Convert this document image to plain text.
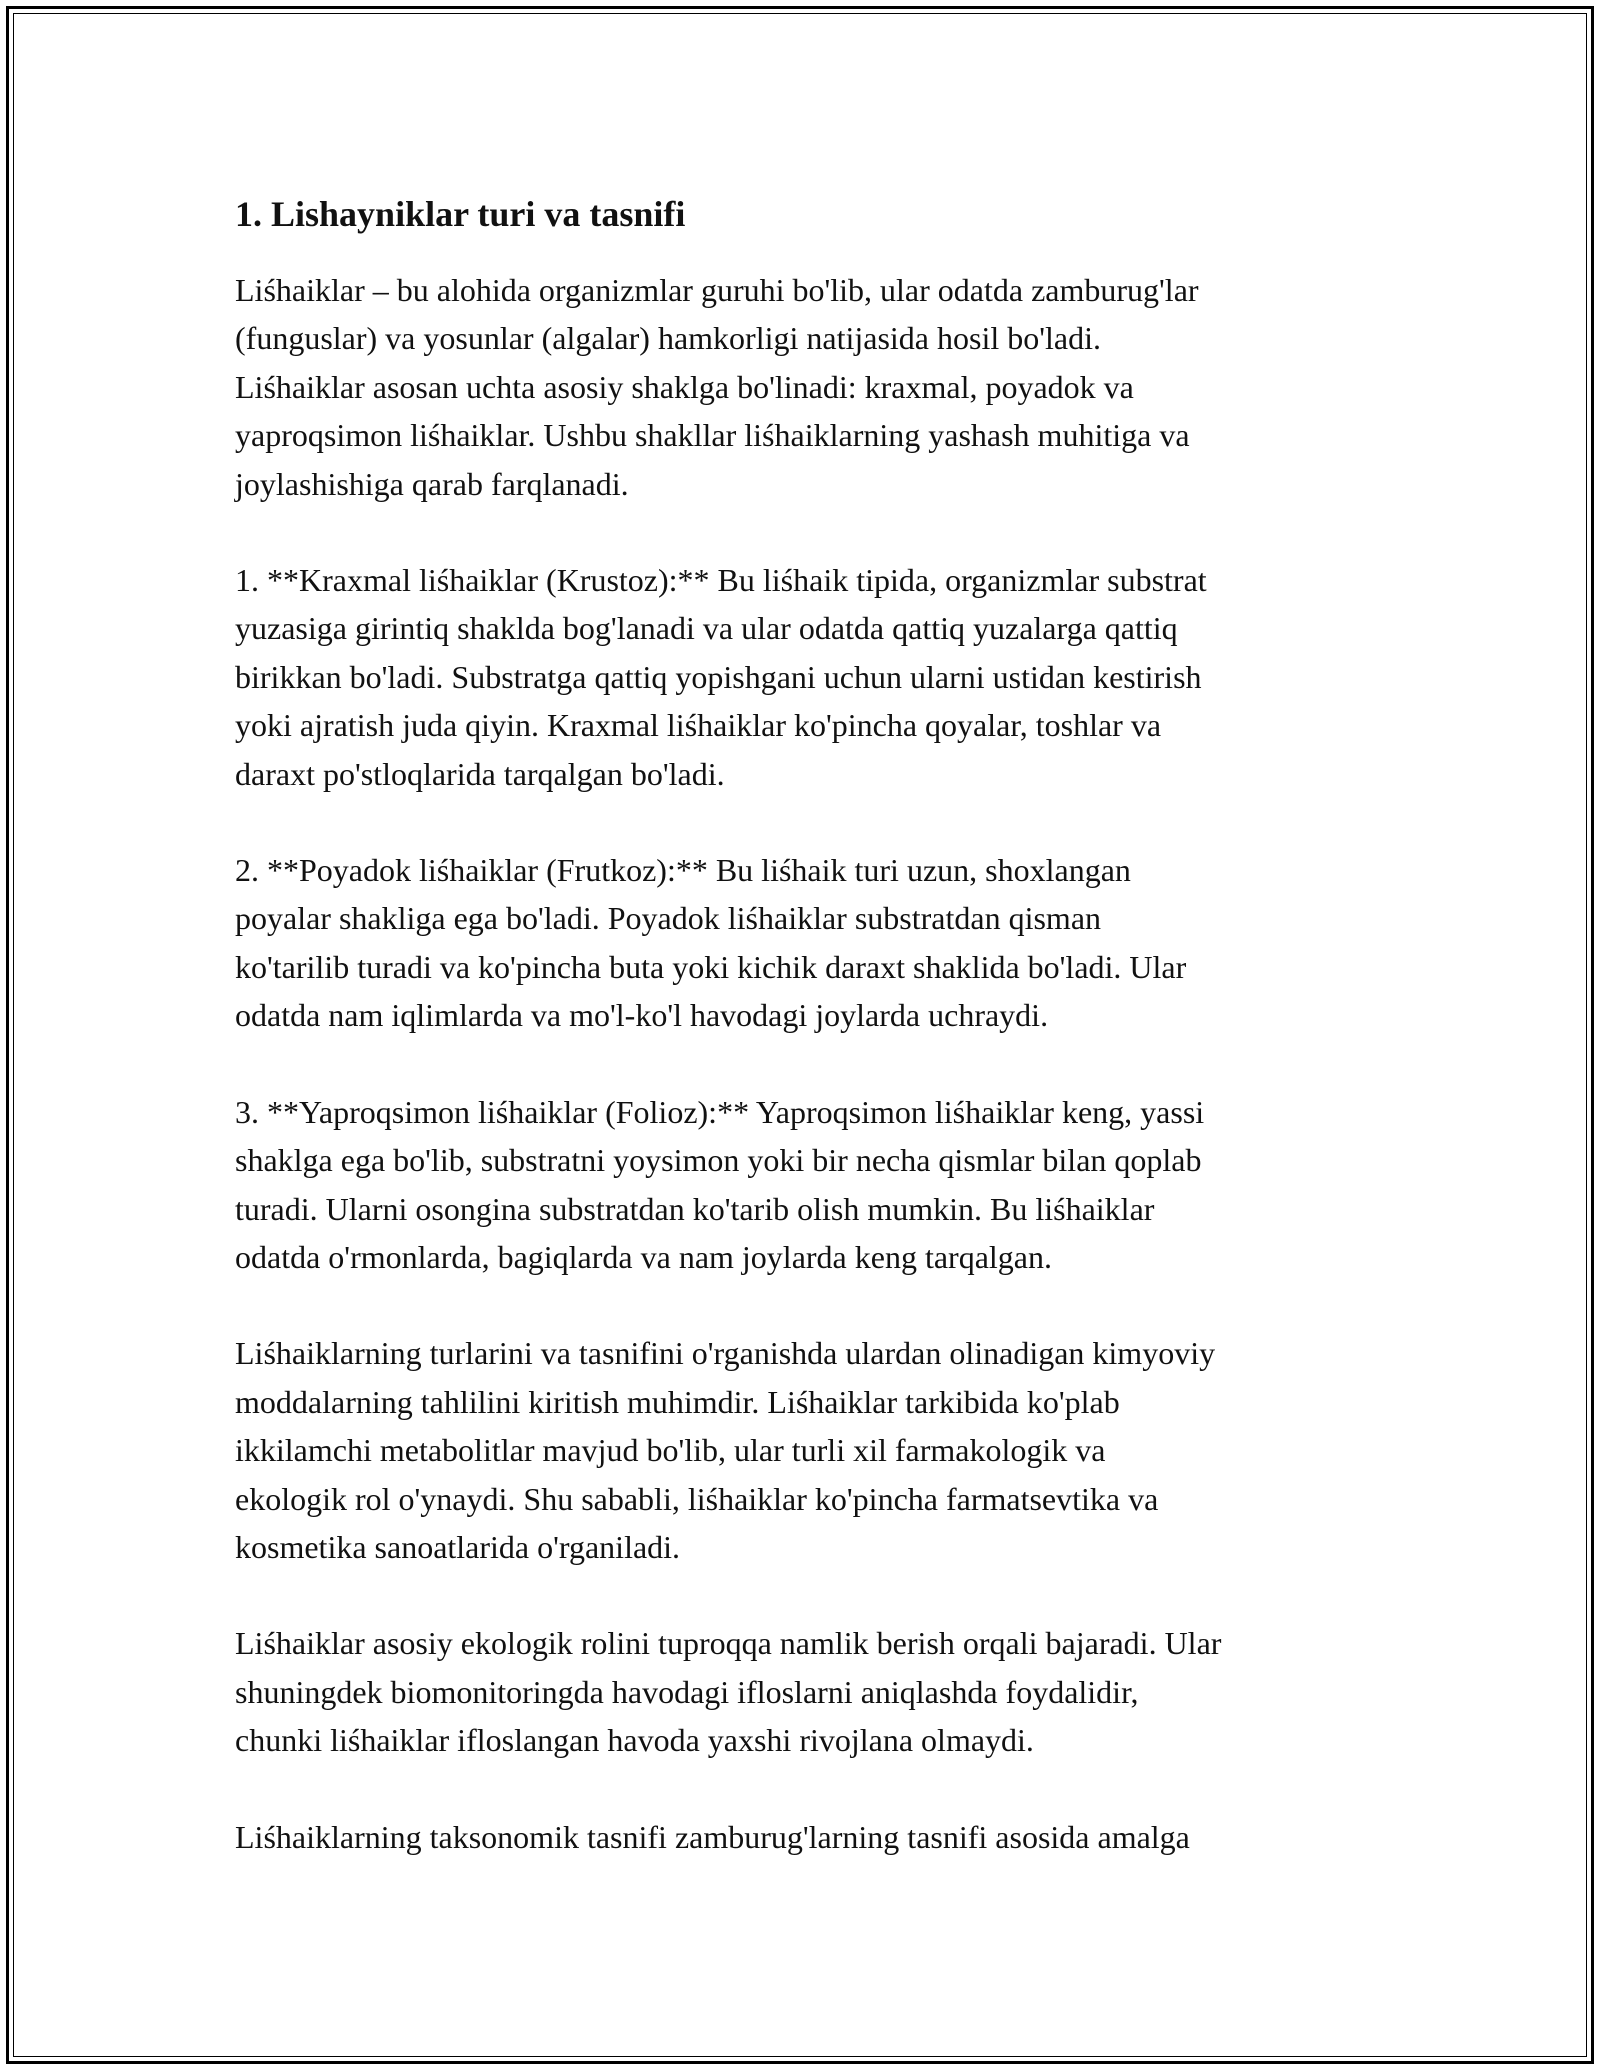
1. Lishayniklar turi va tasnifi

Liśhaiklar – bu alohida organizmlar guruhi bo'lib, ular odatda zamburug'lar
(funguslar) va yosunlar (algalar) hamkorligi natijasida hosil bo'ladi.
Liśhaiklar asosan uchta asosiy shaklga bo'linadi: kraxmal, poyadok va
yaproqsimon liśhaiklar. Ushbu shakllar liśhaiklarning yashash muhitiga va
joylashishiga qarab farqlanadi.

1. **Kraxmal liśhaiklar (Krustoz):** Bu liśhaik tipida, organizmlar substrat
yuzasiga girintiq shaklda bog'lanadi va ular odatda qattiq yuzalarga qattiq
birikkan bo'ladi. Substratga qattiq yopishgani uchun ularni ustidan kestirish
yoki ajratish juda qiyin. Kraxmal liśhaiklar ko'pincha qoyalar, toshlar va
daraxt po'stloqlarida tarqalgan bo'ladi.

2. **Poyadok liśhaiklar (Frutkoz):** Bu liśhaik turi uzun, shoxlangan
poyalar shakliga ega bo'ladi. Poyadok liśhaiklar substratdan qisman
ko'tarilib turadi va ko'pincha buta yoki kichik daraxt shaklida bo'ladi. Ular
odatda nam iqlimlarda va mo'l-ko'l havodagi joylarda uchraydi.

3. **Yaproqsimon liśhaiklar (Folioz):** Yaproqsimon liśhaiklar keng, yassi
shaklga ega bo'lib, substratni yoysimon yoki bir necha qismlar bilan qoplab
turadi. Ularni osongina substratdan ko'tarib olish mumkin. Bu liśhaiklar
odatda o'rmonlarda, bagiqlarda va nam joylarda keng tarqalgan.

Liśhaiklarning turlarini va tasnifini o'rganishda ulardan olinadigan kimyoviy
moddalarning tahlilini kiritish muhimdir. Liśhaiklar tarkibida ko'plab
ikkilamchi metabolitlar mavjud bo'lib, ular turli xil farmakologik va
ekologik rol o'ynaydi. Shu sababli, liśhaiklar ko'pincha farmatsevtika va
kosmetika sanoatlarida o'rganiladi.

Liśhaiklar asosiy ekologik rolini tuproqqa namlik berish orqali bajaradi. Ular
shuningdek biomonitoringda havodagi ifloslarni aniqlashda foydalidir,
chunki liśhaiklar ifloslangan havoda yaxshi rivojlana olmaydi.

Liśhaiklarning taksonomik tasnifi zamburug'larning tasnifi asosida amalga
